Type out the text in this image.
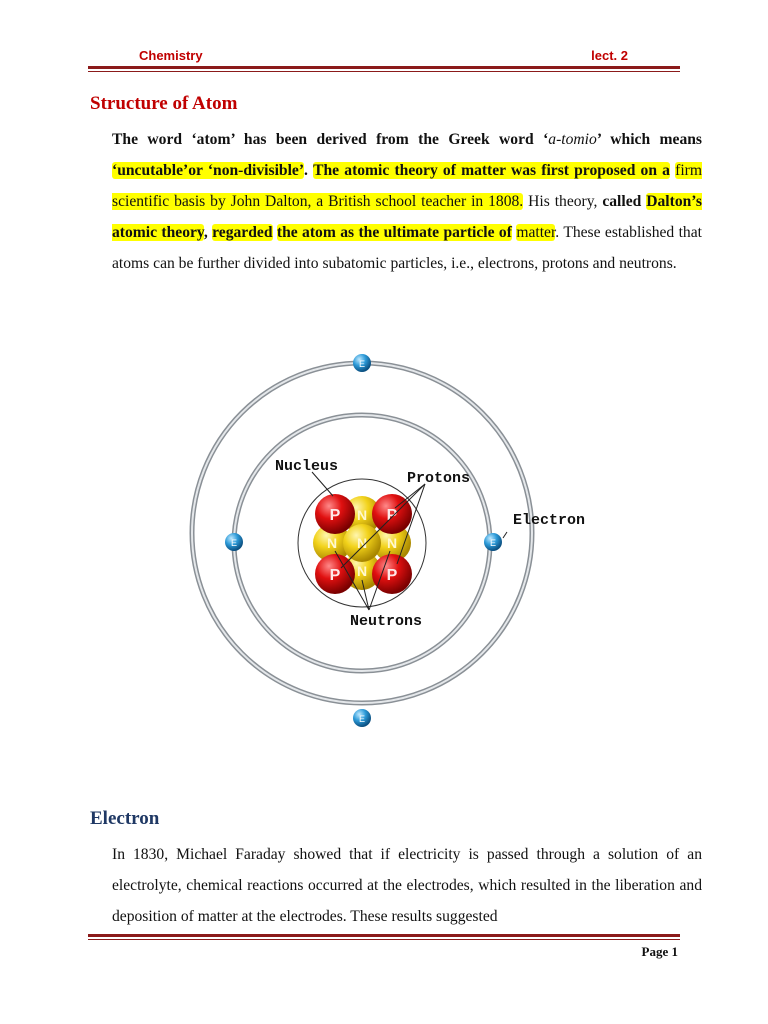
Chemistry	lect. 2
Structure of Atom

The word ‘atom’ has been derived from the Greek word ‘a-tomio’ which means ‘uncutable’or ‘non-divisible’. The atomic theory of matter was first proposed on a firm scientific basis by John Dalton, a British school teacher in 1808. His theory, called Dalton’s atomic theory, regarded the atom as the ultimate particle of matter. These established that atoms can be further divided into subatomic particles, i.e., electrons, protons and neutrons.

N
N	N
N
N
P	P
P	P
E
E
E	E
Nucleus
Protons
Electron
Neutrons
Electron

In 1830, Michael Faraday showed that if electricity is passed through a solution of an electrolyte, chemical reactions occurred at the electrodes, which resulted in the liberation and deposition of matter at the electrodes. These results suggested

Page 1
